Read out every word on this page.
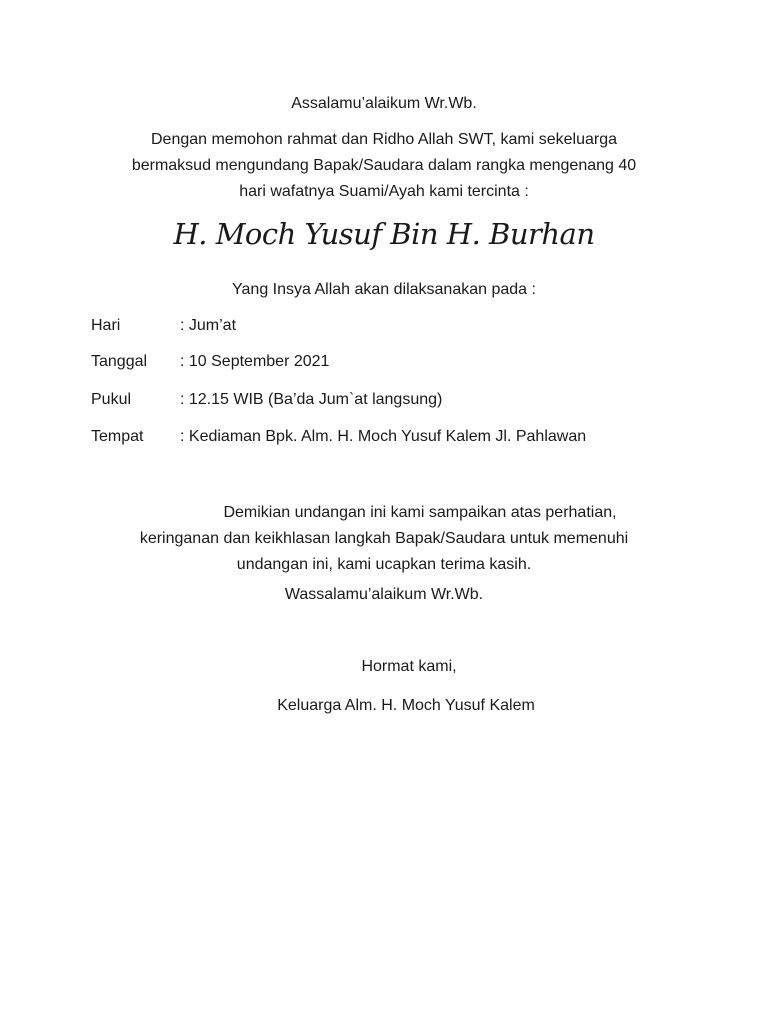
Assalamu’alaikum Wr.Wb.
Dengan memohon rahmat dan Ridho Allah SWT, kami sekeluarga
bermaksud mengundang Bapak/Saudara dalam rangka mengenang 40
hari wafatnya Suami/Ayah kami tercinta :
H. Moch Yusuf Bin H. Burhan
Yang Insya Allah akan dilaksanakan pada :
Hari	: Jum’at
Tanggal : 10 September 2021
Pukul	: 12.15 WIB (Ba’da Jum`at langsung)
Tempat : Kediaman Bpk. Alm. H. Moch Yusuf Kalem Jl. Pahlawan
Demikian undangan ini kami sampaikan atas perhatian,
keringanan dan keikhlasan langkah Bapak/Saudara untuk memenuhi
undangan ini, kami ucapkan terima kasih.
Wassalamu’alaikum Wr.Wb.
Hormat kami,
Keluarga Alm. H. Moch Yusuf Kalem
